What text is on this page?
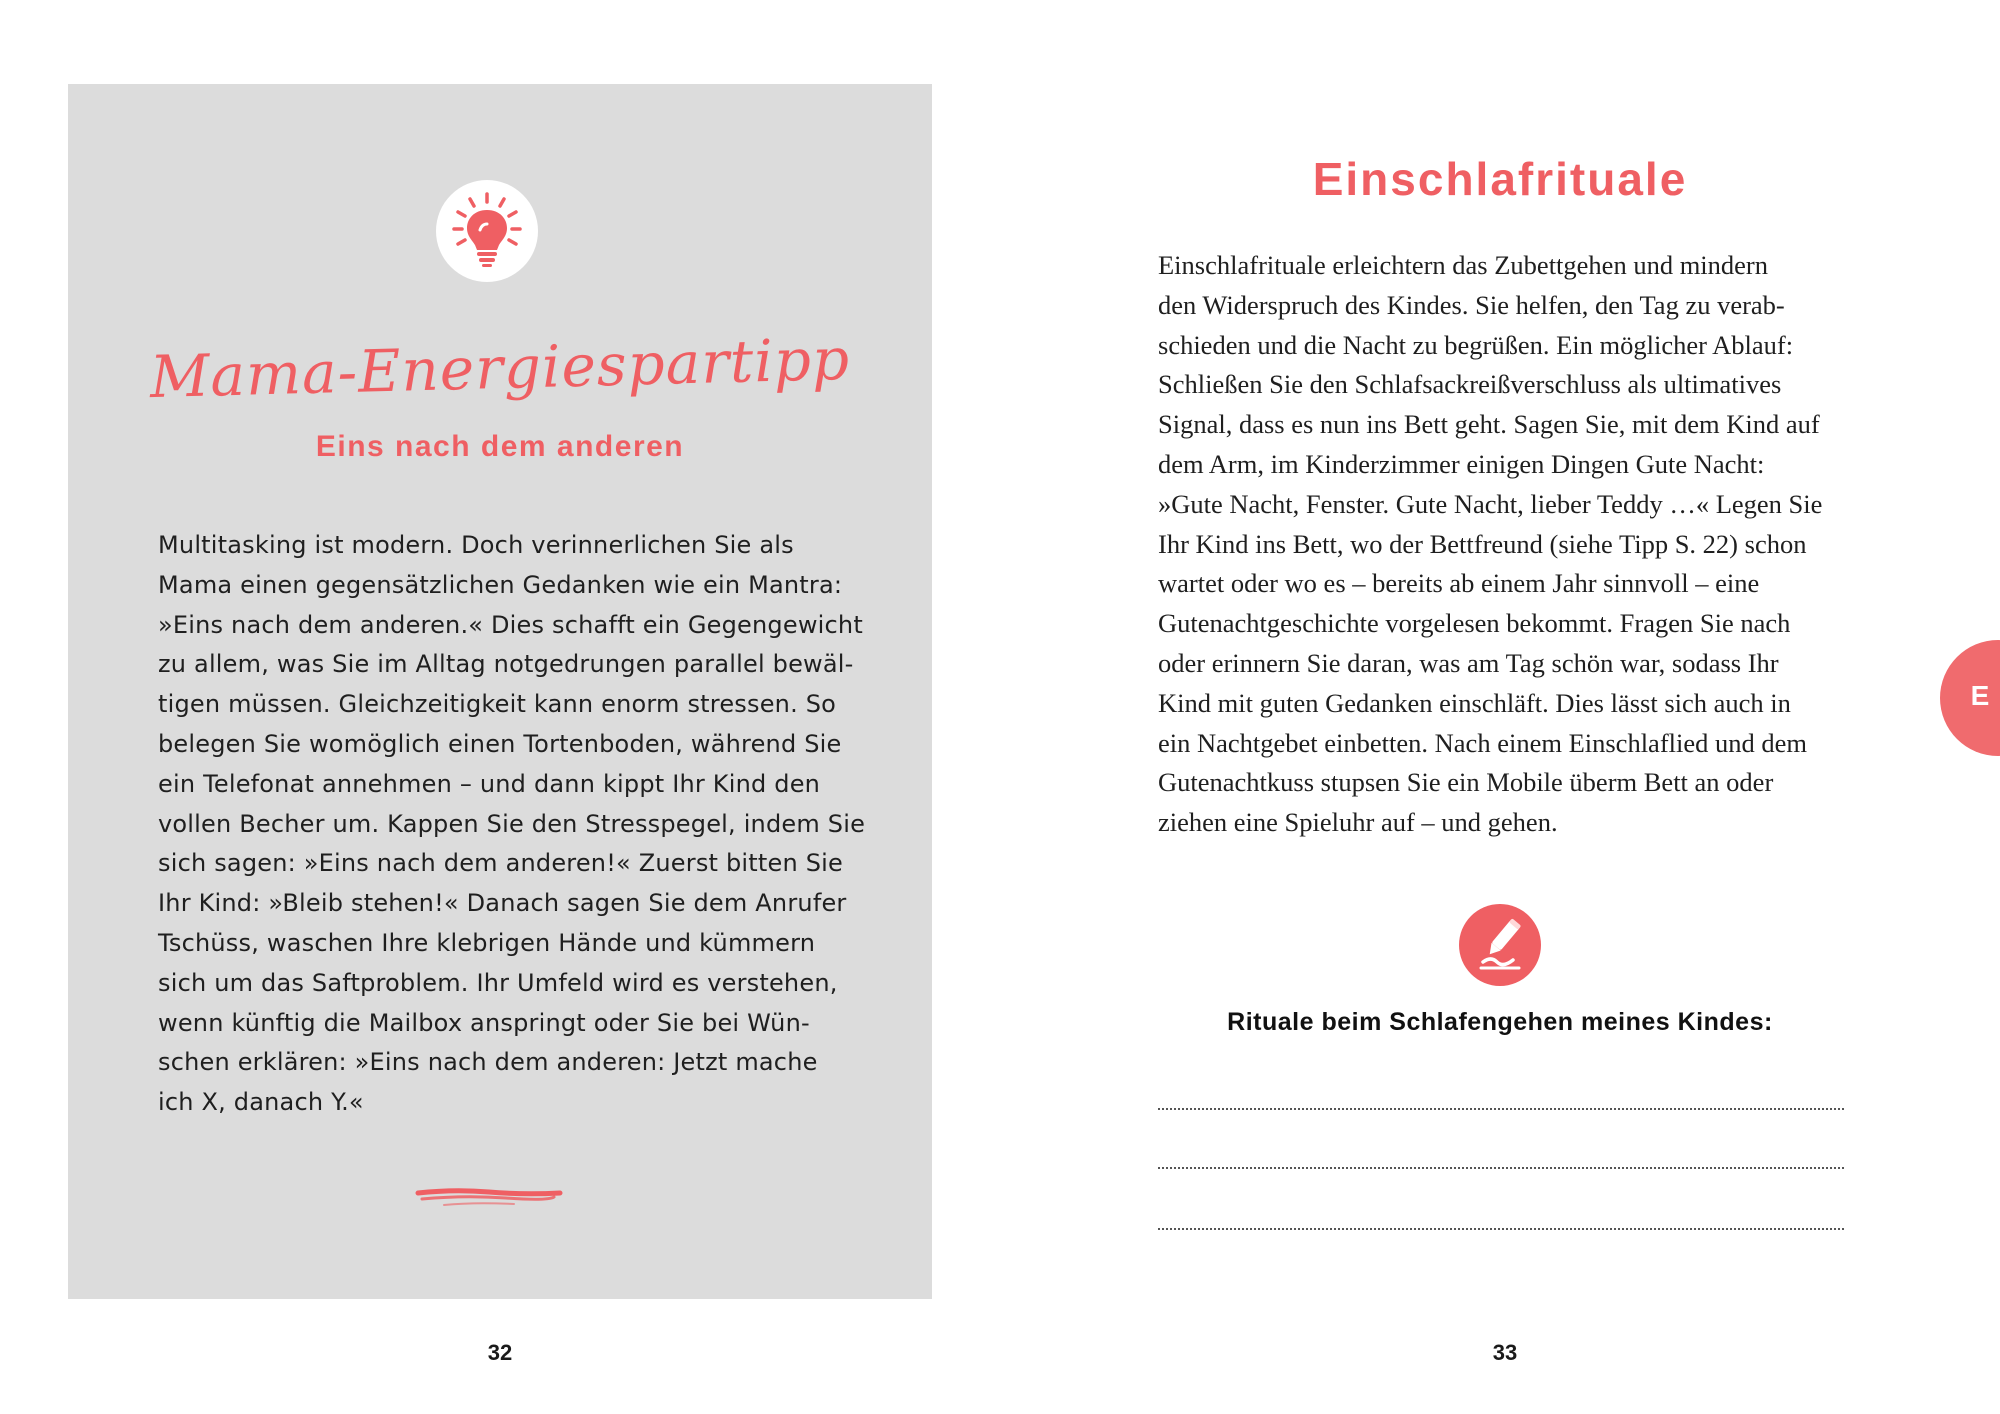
Mama-Energiespartipp
Eins nach dem anderen

Multitasking ist modern. Doch verinnerlichen Sie als
Mama einen gegensätzlichen Gedanken wie ein Mantra:
»Eins nach dem anderen.« Dies schafft ein Gegengewicht
zu allem, was Sie im Alltag notgedrungen parallel bewäl-
tigen müssen. Gleichzeitigkeit kann enorm stressen. So
belegen Sie womöglich einen Tortenboden, während Sie
ein Telefonat annehmen – und dann kippt Ihr Kind den
vollen Becher um. Kappen Sie den Stresspegel, indem Sie
sich sagen: »Eins nach dem anderen!« Zuerst bitten Sie
Ihr Kind: »Bleib stehen!« Danach sagen Sie dem Anrufer
Tschüss, waschen Ihre klebrigen Hände und kümmern
sich um das Saftproblem. Ihr Umfeld wird es verstehen,
wenn künftig die Mailbox anspringt oder Sie bei Wün-
schen erklären: »Eins nach dem anderen: Jetzt mache
ich X, danach Y.«

32
Einschlafrituale

Einschlafrituale erleichtern das Zubettgehen und mindern
den Widerspruch des Kindes. Sie helfen, den Tag zu verab-
schieden und die Nacht zu begrüßen. Ein möglicher Ablauf:
Schließen Sie den Schlafsackreißverschluss als ultimatives
Signal, dass es nun ins Bett geht. Sagen Sie, mit dem Kind auf
dem Arm, im Kinderzimmer einigen Dingen Gute Nacht:
»Gute Nacht, Fenster. Gute Nacht, lieber Teddy …« Legen Sie
Ihr Kind ins Bett, wo der Bettfreund (siehe Tipp S. 22) schon
wartet oder wo es – bereits ab einem Jahr sinnvoll – eine
Gutenachtgeschichte vorgelesen bekommt. Fragen Sie nach
oder erinnern Sie daran, was am Tag schön war, sodass Ihr
Kind mit guten Gedanken einschläft. Dies lässt sich auch in
ein Nachtgebet einbetten. Nach einem Einschlaflied und dem
Gutenachtkuss stupsen Sie ein Mobile überm Bett an oder
ziehen eine Spieluhr auf – und gehen.

Rituale beim Schlafengehen meines Kindes:
33
E
